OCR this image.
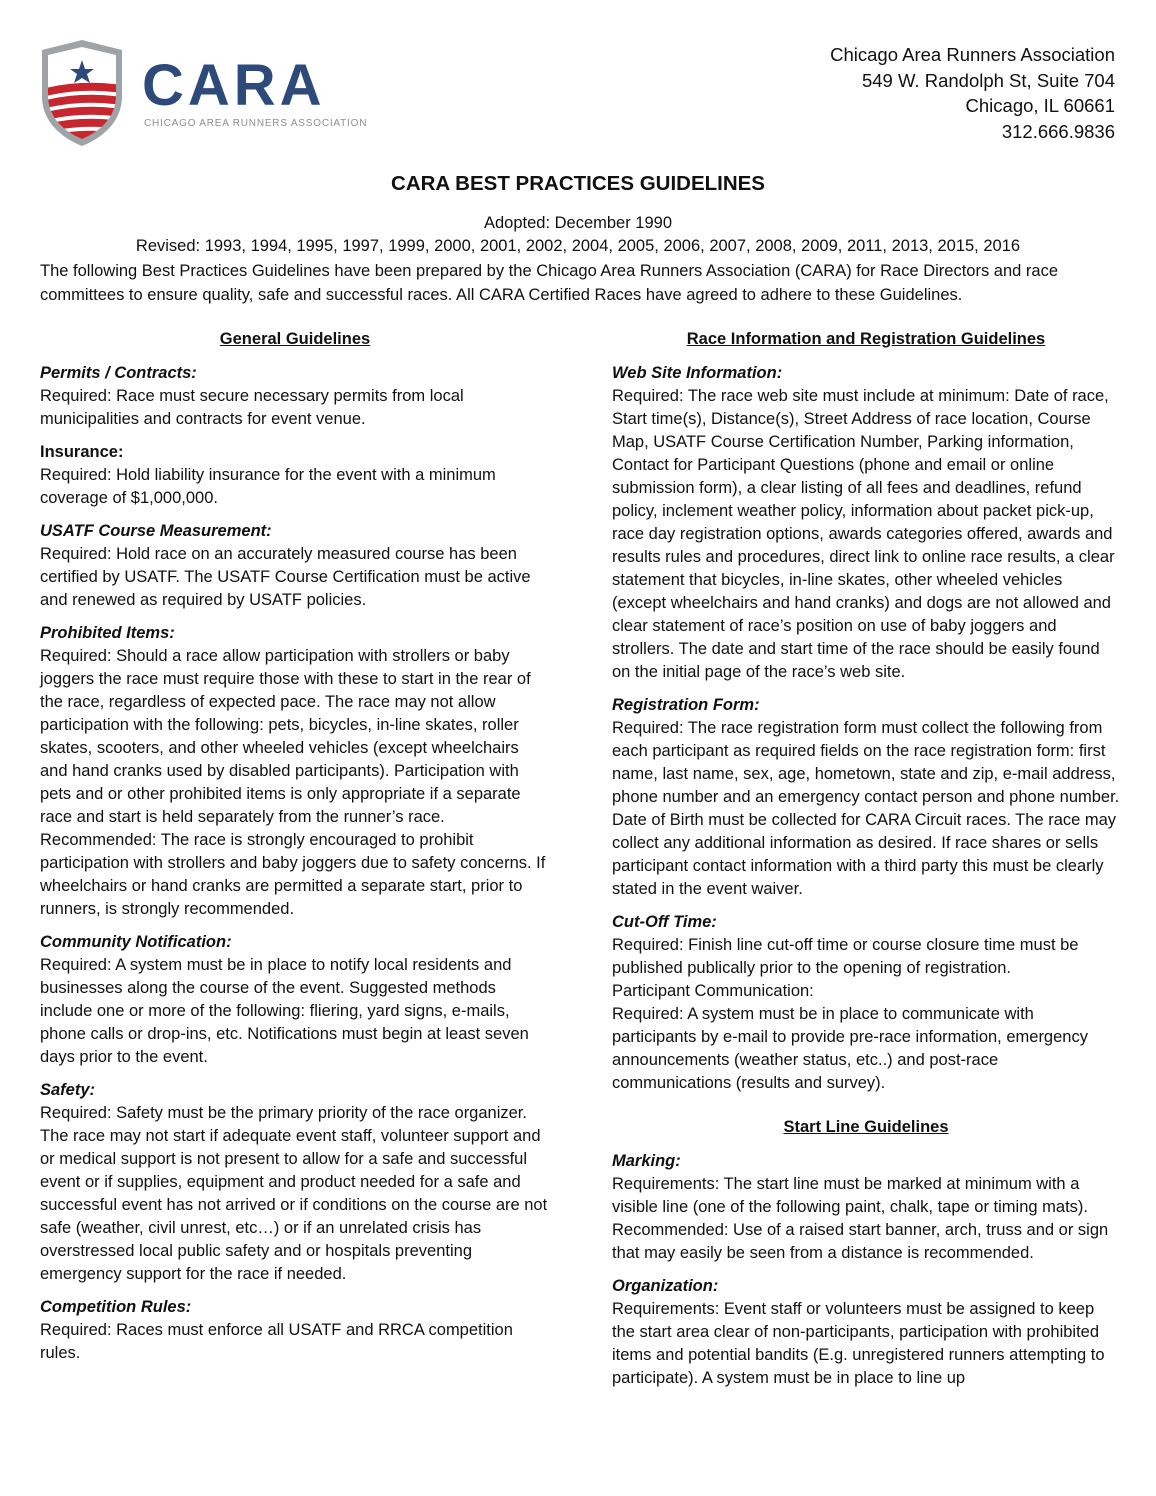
CARA
CHICAGO AREA RUNNERS ASSOCIATION
Chicago Area Runners Association
549 W. Randolph St, Suite 704
Chicago, IL 60661
312.666.9836
CARA BEST PRACTICES GUIDELINES
Adopted: December 1990
Revised: 1993, 1994, 1995, 1997, 1999, 2000, 2001, 2002, 2004, 2005, 2006, 2007, 2008, 2009, 2011, 2013, 2015, 2016
The following Best Practices Guidelines have been prepared by the Chicago Area Runners Association (CARA) for Race Directors and race committees to ensure quality, safe and successful races. All CARA Certified Races have agreed to adhere to these Guidelines.
General Guidelines
Permits / Contracts:
Required: Race must secure necessary permits from local municipalities and contracts for event venue.
Insurance:
Required: Hold liability insurance for the event with a minimum coverage of $1,000,000.
USATF Course Measurement:
Required: Hold race on an accurately measured course has been certified by USATF. The USATF Course Certification must be active and renewed as required by USATF policies.
Prohibited Items:
Required: Should a race allow participation with strollers or baby joggers the race must require those with these to start in the rear of the race, regardless of expected pace. The race may not allow participation with the following: pets, bicycles, in-line skates, roller skates, scooters, and other wheeled vehicles (except wheelchairs and hand cranks used by disabled participants). Participation with pets and or other prohibited items is only appropriate if a separate race and start is held separately from the runner’s race. Recommended: The race is strongly encouraged to prohibit participation with strollers and baby joggers due to safety concerns. If wheelchairs or hand cranks are permitted a separate start, prior to runners, is strongly recommended.
Community Notification:
Required: A system must be in place to notify local residents and businesses along the course of the event. Suggested methods include one or more of the following: fliering, yard signs, e-mails, phone calls or drop-ins, etc. Notifications must begin at least seven days prior to the event.
Safety:
Required: Safety must be the primary priority of the race organizer. The race may not start if adequate event staff, volunteer support and or medical support is not present to allow for a safe and successful event or if supplies, equipment and product needed for a safe and successful event has not arrived or if conditions on the course are not safe (weather, civil unrest, etc…) or if an unrelated crisis has overstressed local public safety and or hospitals preventing emergency support for the race if needed.
Competition Rules:
Required: Races must enforce all USATF and RRCA competition rules.
Race Information and Registration Guidelines
Web Site Information:
Required: The race web site must include at minimum: Date of race, Start time(s), Distance(s), Street Address of race location, Course Map, USATF Course Certification Number, Parking information, Contact for Participant Questions (phone and email or online submission form), a clear listing of all fees and deadlines, refund policy, inclement weather policy, information about packet pick-up, race day registration options, awards categories offered, awards and results rules and procedures, direct link to online race results, a clear statement that bicycles, in-line skates, other wheeled vehicles (except wheelchairs and hand cranks) and dogs are not allowed and clear statement of race’s position on use of baby joggers and strollers. The date and start time of the race should be easily found on the initial page of the race’s web site.
Registration Form:
Required: The race registration form must collect the following from each participant as required fields on the race registration form: first name, last name, sex, age, hometown, state and zip, e-mail address, phone number and an emergency contact person and phone number. Date of Birth must be collected for CARA Circuit races. The race may collect any additional information as desired. If race shares or sells participant contact information with a third party this must be clearly stated in the event waiver.
Cut-Off Time:
Required: Finish line cut-off time or course closure time must be published publically prior to the opening of registration.
Participant Communication:
Required: A system must be in place to communicate with participants by e-mail to provide pre-race information, emergency announcements (weather status, etc..) and post-race communications (results and survey).
Start Line Guidelines
Marking:
Requirements: The start line must be marked at minimum with a visible line (one of the following paint, chalk, tape or timing mats). Recommended: Use of a raised start banner, arch, truss and or sign that may easily be seen from a distance is recommended.
Organization:
Requirements: Event staff or volunteers must be assigned to keep the start area clear of non-participants, participation with prohibited items and potential bandits (E.g. unregistered runners attempting to participate). A system must be in place to line up
